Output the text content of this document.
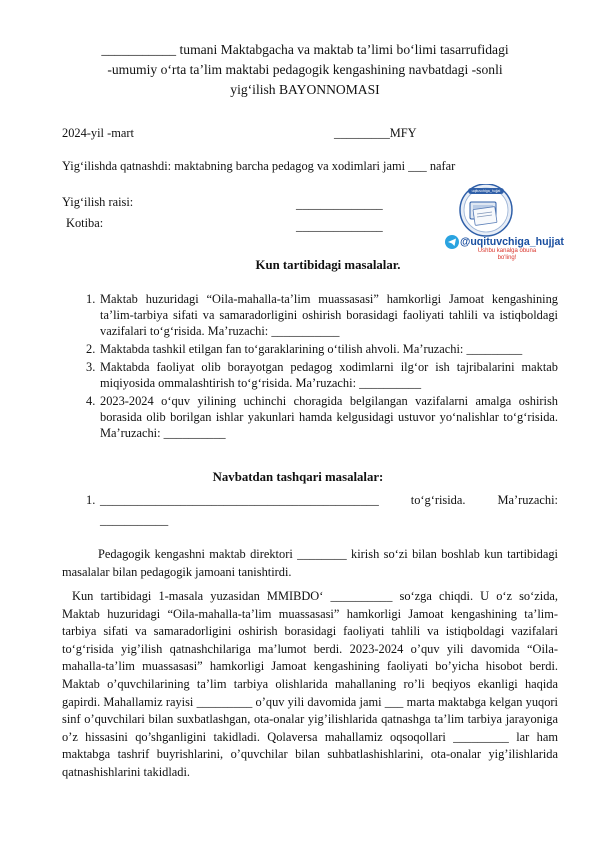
___________ tumani Maktabgacha va maktab ta’limi bo‘limi tasarrufidagi
-umumiy o‘rta ta’lim maktabi pedagogik kengashining navbatdagi -sonli
yig‘ilish BAYONNOMASI
2024-yil -mart	_________MFY
Yig‘ilishda qatnashdi: maktabning barcha pedagog va xodimlari jami ___ nafar
Yig‘ilish raisi:	______________
Kotiba:	______________
uqituvchiga_hujjat
@uqituvchiga_hujjat
Ushbu kanalga obuna
bo'ling!
Kun tartibidagi masalalar.
1. Maktab huzuridagi “Oila-mahalla-ta’lim muassasasi” hamkorligi Jamoat kengashining ta’lim-tarbiya sifati va samaradorligini oshirish borasidagi faoliyati tahlili va istiqboldagi vazifalari to‘g‘risida. Ma’ruzachi: ___________
2. Maktabda tashkil etilgan fan to‘garaklarining o‘tilish ahvoli. Ma’ruzachi: _________
3. Maktabda faoliyat olib borayotgan pedagog xodimlarni ilg‘or ish tajribalarini maktab miqiyosida ommalashtirish to‘g‘risida. Ma’ruzachi: __________
4. 2023-2024 o‘quv yilining uchinchi choragida belgilangan vazifalarni amalga oshirish borasida olib borilgan ishlar yakunlari hamda kelgusidagi ustuvor yo‘nalishlar to‘g‘risida. Ma’ruzachi: __________
Navbatdan tashqari masalalar:
1. _____________________________________________ to‘g‘risida. Ma’ruzachi: ___________
Pedagogik kengashni maktab direktori ________ kirish so‘zi bilan boshlab kun tartibidagi masalalar bilan pedagogik jamoani tanishtirdi.
Kun tartibidagi 1-masala yuzasidan MMIBDO‘ __________ so‘zga chiqdi. U o‘z so‘zida, Maktab huzuridagi “Oila-mahalla-ta’lim muassasasi” hamkorligi Jamoat kengashining ta’lim-tarbiya sifati va samaradorligini oshirish borasidagi faoliyati tahlili va istiqboldagi vazifalari to‘g‘risida yig’ilish qatnashchilariga ma’lumot berdi. 2023-2024 o’quv yili davomida “Oila-mahalla-ta’lim muassasasi” hamkorligi Jamoat kengashining faoliyati bo’yicha hisobot berdi. Maktab o’quvchilarining ta’lim tarbiya olishlarida mahallaning ro’li beqiyos ekanligi haqida gapirdi. Mahallamiz rayisi _________ o’quv yili davomida jami ___ marta maktabga kelgan yuqori sinf o’quvchilari bilan suxbatlashgan, ota-onalar yig’ilishlarida qatnashga ta’lim tarbiya jarayoniga o’z hissasini qo’shganligini takidladi. Qolaversa mahallamiz oqsoqollari _________ lar ham maktabga tashrif buyrishlarini, o’quvchilar bilan suhbatlashishlarini, ota-onalar yig’ilishlarida qatnashishlarini takidladi.
